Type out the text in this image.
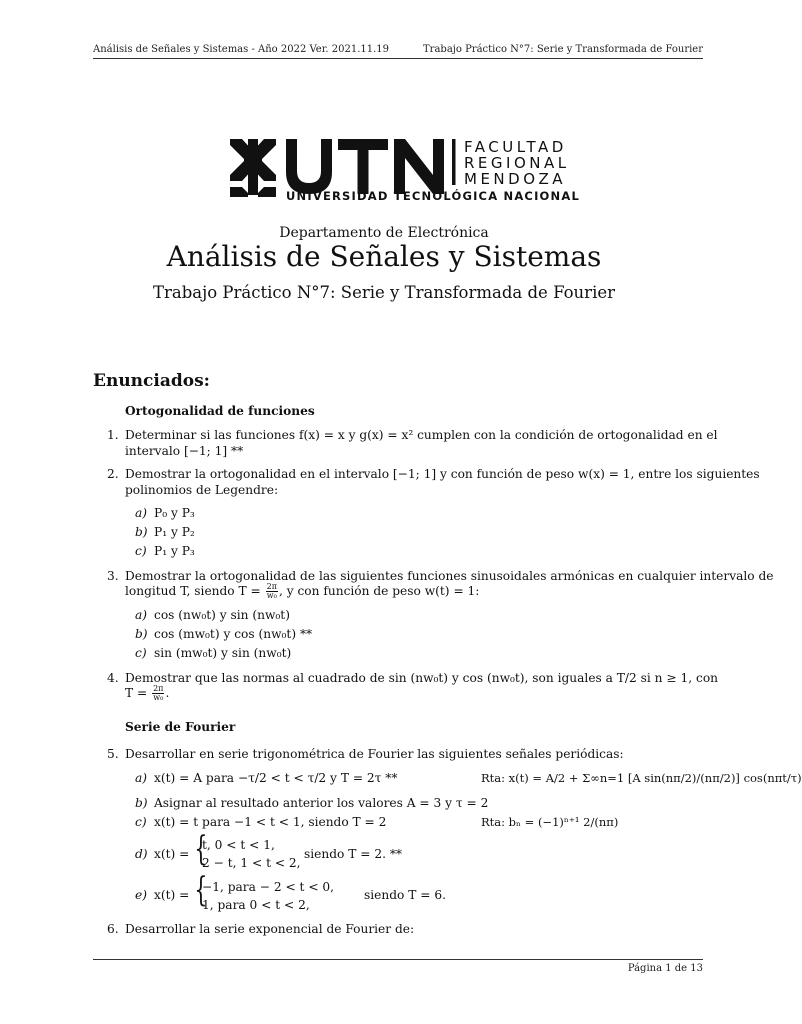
Análisis de Señales y Sistemas - Año 2022 Ver. 2021.11.19	Trabajo Práctico N°7: Serie y Transformada de Fourier
FACULTAD
REGIONAL
MENDOZA
UNIVERSIDAD TECNOLÓGICA NACIONAL
Departamento de Electrónica
Análisis de Señales y Sistemas
Trabajo Práctico N°7: Serie y Transformada de Fourier
Enunciados:
Ortogonalidad de funciones
1. Determinar si las funciones f(x) = x y g(x) = x² cumplen con la condición de ortogonalidad en el
intervalo [−1; 1] **
2. Demostrar la ortogonalidad en el intervalo [−1; 1] y con función de peso w(x) = 1, entre los siguientes
polinomios de Legendre:
a) P₀ y P₃
b) P₁ y P₂
c) P₁ y P₃
3. Demostrar la ortogonalidad de las siguientes funciones sinusoidales armónicas en cualquier intervalo de
longitud T, siendo $T = \frac{2\pi}{\text{w₀}}$ , y con función de peso w(t) = 1:
a) cos (nw₀t) y sin (nw₀t)
b) cos (mw₀t) y cos (nw₀t) **
c) sin (mw₀t) y sin (nw₀t)
4. Demostrar que las normas al cuadrado de sin (nw₀t) y cos (nw₀t), son iguales a T/2 si n ≥ 1, con
$T = \frac{2\pi}{\text{w₀}}$ .
Serie de Fourier
5. Desarrollar en serie trigonométrica de Fourier las siguientes señales periódicas:
a) x(t) = A para −τ/2 < t < τ/2 y T = 2τ **	Rta: x(t) = A/2 + Σ∞n=1 [A sin(nπ/2)/(nπ/2)] cos(nπt/τ)
b) Asignar al resultado anterior los valores A = 3 y τ = 2
c) x(t) = t para −1 < t < 1, siendo T = 2	Rta: bₙ = (−1)ⁿ⁺¹ 2/(nπ)
d) x(t) = {
t, 0 < t < 1,
2 − t, 1 < t < 2,
siendo T = 2. **
e) x(t) = {
−1, para − 2 < t < 0,
1, para 0 < t < 2,
siendo T = 6.
6. Desarrollar la serie exponencial de Fourier de:
Página 1 de 13
